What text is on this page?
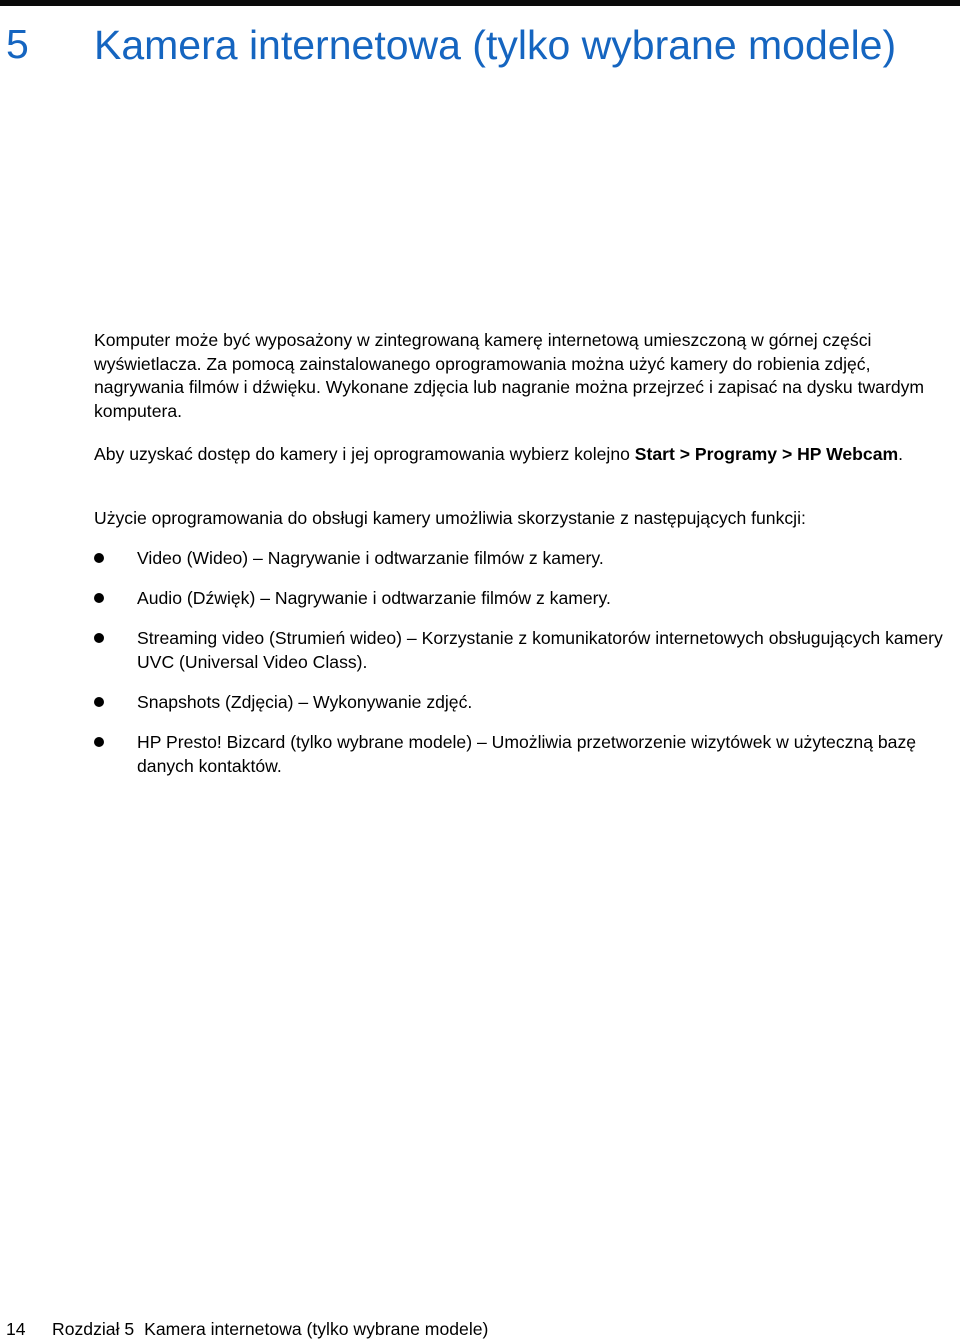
5 Kamera internetowa (tylko wybrane modele)
Komputer może być wyposażony w zintegrowaną kamerę internetową umieszczoną w górnej części wyświetlacza. Za pomocą zainstalowanego oprogramowania można użyć kamery do robienia zdjęć, nagrywania filmów i dźwięku. Wykonane zdjęcia lub nagranie można przejrzeć i zapisać na dysku twardym komputera.
Aby uzyskać dostęp do kamery i jej oprogramowania wybierz kolejno Start > Programy > HP Webcam.
Użycie oprogramowania do obsługi kamery umożliwia skorzystanie z następujących funkcji:
Video (Wideo) – Nagrywanie i odtwarzanie filmów z kamery.
Audio (Dźwięk) – Nagrywanie i odtwarzanie filmów z kamery.
Streaming video (Strumień wideo) – Korzystanie z komunikatorów internetowych obsługujących kamery UVC (Universal Video Class).
Snapshots (Zdjęcia) – Wykonywanie zdjęć.
HP Presto! Bizcard (tylko wybrane modele) – Umożliwia przetworzenie wizytówek w użyteczną bazę danych kontaktów.
14 Rozdział 5 Kamera internetowa (tylko wybrane modele)
